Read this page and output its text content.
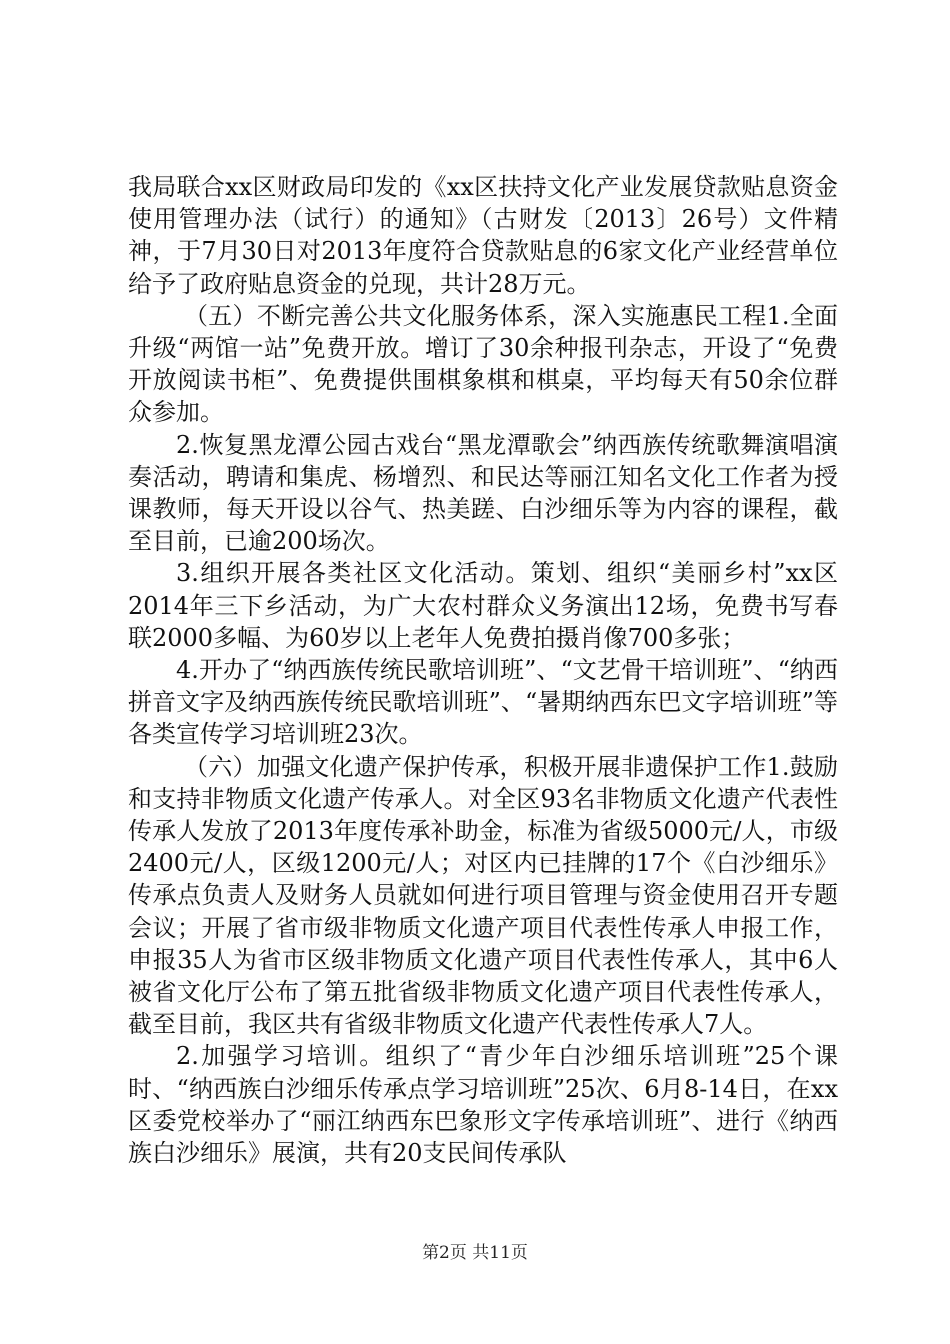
我局联合xx区财政局印发的《xx区扶持文化产业发展贷款贴息资金使用管理办法（试行）的通知》（古财发〔2013〕26号）文件精神，于7月30日对2013年度符合贷款贴息的6家文化产业经营单位给予了政府贴息资金的兑现，共计28万元。

（五）不断完善公共文化服务体系，深入实施惠民工程1.全面升级“两馆一站”免费开放。增订了30余种报刊杂志，开设了“免费开放阅读书柜”、免费提供围棋象棋和棋桌，平均每天有50余位群众参加。

2.恢复黑龙潭公园古戏台“黑龙潭歌会”纳西族传统歌舞演唱演奏活动，聘请和集虎、杨增烈、和民达等丽江知名文化工作者为授课教师，每天开设以谷气、热美蹉、白沙细乐等为内容的课程，截至目前，已逾200场次。

3.组织开展各类社区文化活动。策划、组织“美丽乡村”xx区2014年三下乡活动，为广大农村群众义务演出12场，免费书写春联2000多幅、为60岁以上老年人免费拍摄肖像700多张；

4.开办了“纳西族传统民歌培训班”、“文艺骨干培训班”、“纳西拼音文字及纳西族传统民歌培训班”、“暑期纳西东巴文字培训班”等各类宣传学习培训班23次。

（六）加强文化遗产保护传承，积极开展非遗保护工作1.鼓励和支持非物质文化遗产传承人。对全区93名非物质文化遗产代表性传承人发放了2013年度传承补助金，标准为省级5000元/人，市级2400元/人，区级1200元/人；对区内已挂牌的17个《白沙细乐》传承点负责人及财务人员就如何进行项目管理与资金使用召开专题会议；开展了省市级非物质文化遗产项目代表性传承人申报工作，申报35人为省市区级非物质文化遗产项目代表性传承人，其中6人被省文化厅公布了第五批省级非物质文化遗产项目代表性传承人，截至目前，我区共有省级非物质文化遗产代表性传承人7人。

2.加强学习培训。组织了“青少年白沙细乐培训班”25个课时、“纳西族白沙细乐传承点学习培训班”25次、6月8-14日，在xx区委党校举办了“丽江纳西东巴象形文字传承培训班”、进行《纳西族白沙细乐》展演，共有20支民间传承队

第2页 共11页
